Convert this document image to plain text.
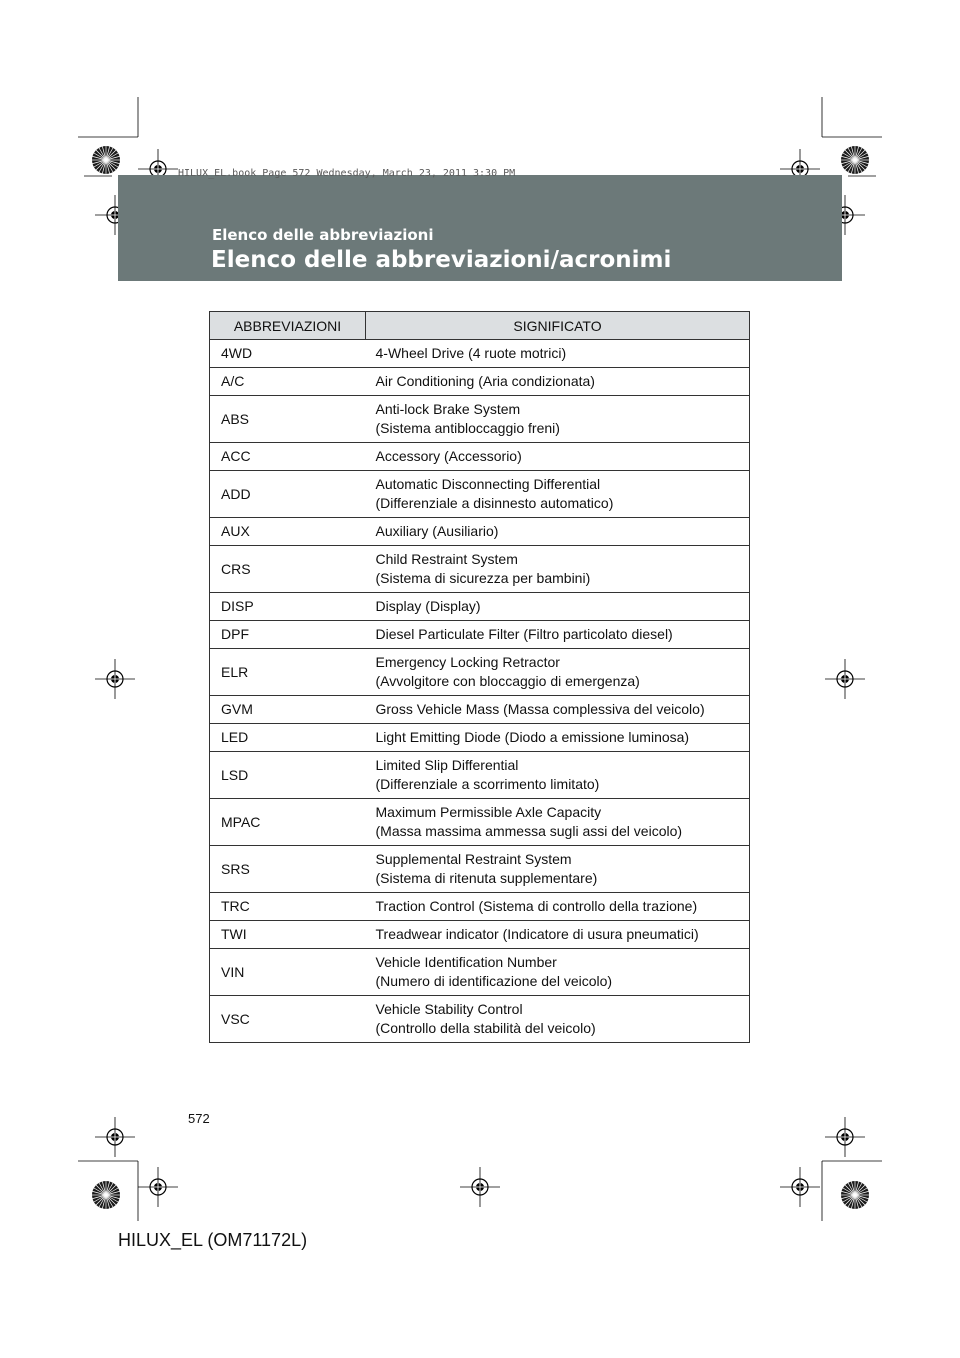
HILUX_EL.book Page 572 Wednesday, March 23, 2011 3:30 PM
Elenco delle abbreviazioni
Elenco delle abbreviazioni/acronimi
ABBREVIAZIONI	SIGNIFICATO
4WD	4-Wheel Drive (4 ruote motrici)

A/C	Air Conditioning (Aria condizionata)

ABS	Anti-lock Brake System
(Sistema antibloccaggio freni)

ACC	Accessory (Accessorio)

ADD	Automatic Disconnecting Differential
(Differenziale a disinnesto automatico)

AUX	Auxiliary (Ausiliario)

CRS	Child Restraint System
(Sistema di sicurezza per bambini)

DISP	Display (Display)

DPF	Diesel Particulate Filter (Filtro particolato diesel)

ELR	Emergency Locking Retractor
(Avvolgitore con bloccaggio di emergenza)

GVM	Gross Vehicle Mass (Massa complessiva del veicolo)

LED	Light Emitting Diode (Diodo a emissione luminosa)

LSD	Limited Slip Differential
(Differenziale a scorrimento limitato)

MPAC	Maximum Permissible Axle Capacity
(Massa massima ammessa sugli assi del veicolo)

SRS	Supplemental Restraint System
(Sistema di ritenuta supplementare)

TRC	Traction Control (Sistema di controllo della trazione)

TWI	Treadwear indicator (Indicatore di usura pneumatici)

VIN	Vehicle Identification Number
(Numero di identificazione del veicolo)

VSC	Vehicle Stability Control
(Controllo della stabilità del veicolo)
572
HILUX_EL (OM71172L)
